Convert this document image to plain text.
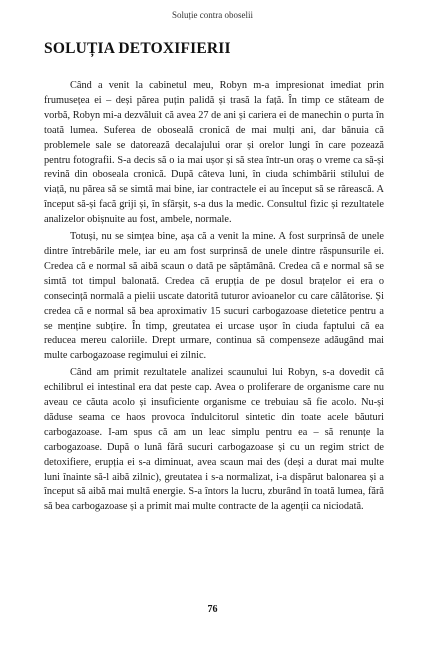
Soluție contra oboselii
SOLUȚIA DETOXIFIERII

Când a venit la cabinetul meu, Robyn m-a impresionat imediat prin frumusețea ei – deși părea puțin palidă și trasă la față. În timp ce stăteam de vorbă, Robyn mi-a dezvăluit că avea 27 de ani și cariera ei de manechin o purta în toată lumea. Suferea de oboseală cronică de mai mulți ani, dar bănuia că problemele sale se datorează decalajului orar și orelor lungi în care pozează pentru fotografii. S-a decis să o ia mai ușor și să stea într-un oraș o vreme ca să-și revină din oboseala cronică. După câteva luni, în ciuda schimbării stilului de viață, nu părea să se simtă mai bine, iar contractele ei au început să se rărească. A început să-și facă griji și, în sfârșit, s-a dus la medic. Consultul fizic și rezultatele analizelor obișnuite au fost, ambele, normale.

Totuși, nu se simțea bine, așa că a venit la mine. A fost surprinsă de unele dintre întrebările mele, iar eu am fost surprinsă de unele dintre răspunsurile ei. Credea că e normal să aibă scaun o dată pe săptămână. Credea că e normal să se simtă tot timpul balonată. Credea că erupția de pe dosul brațelor ei era o consecință normală a pielii uscate datorită tuturor avioanelor cu care călătorise. Și credea că e normal să bea aproximativ 15 sucuri carbogazoase dietetice pentru a se menține subțire. În timp, greutatea ei urcase ușor în ciuda faptului că ea reducea mereu caloriile. Drept urmare, continua să compenseze adăugând mai multe carbogazoase regimului ei zilnic.

Când am primit rezultatele analizei scaunului lui Robyn, s-a dovedit că echilibrul ei intestinal era dat peste cap. Avea o proliferare de organisme care nu aveau ce căuta acolo și insuficiente organisme ce trebuiau să fie acolo. Nu-și dăduse seama ce haos provoca îndulcitorul sintetic din toate acele băuturi carbogazoase. I-am spus că am un leac simplu pentru ea – să renunțe la carbogazoase. După o lună fără sucuri carbogazoase și cu un regim strict de detoxifiere, erupția ei s-a diminuat, avea scaun mai des (deși a durat mai multe luni înainte să-l aibă zilnic), greutatea i s-a normalizat, i-a dispărut balonarea și a început să aibă mai multă energie. S-a întors la lucru, zburând în toată lumea, fără să bea carbogazoase și a primit mai multe contracte de la agenții ca niciodată.

76
